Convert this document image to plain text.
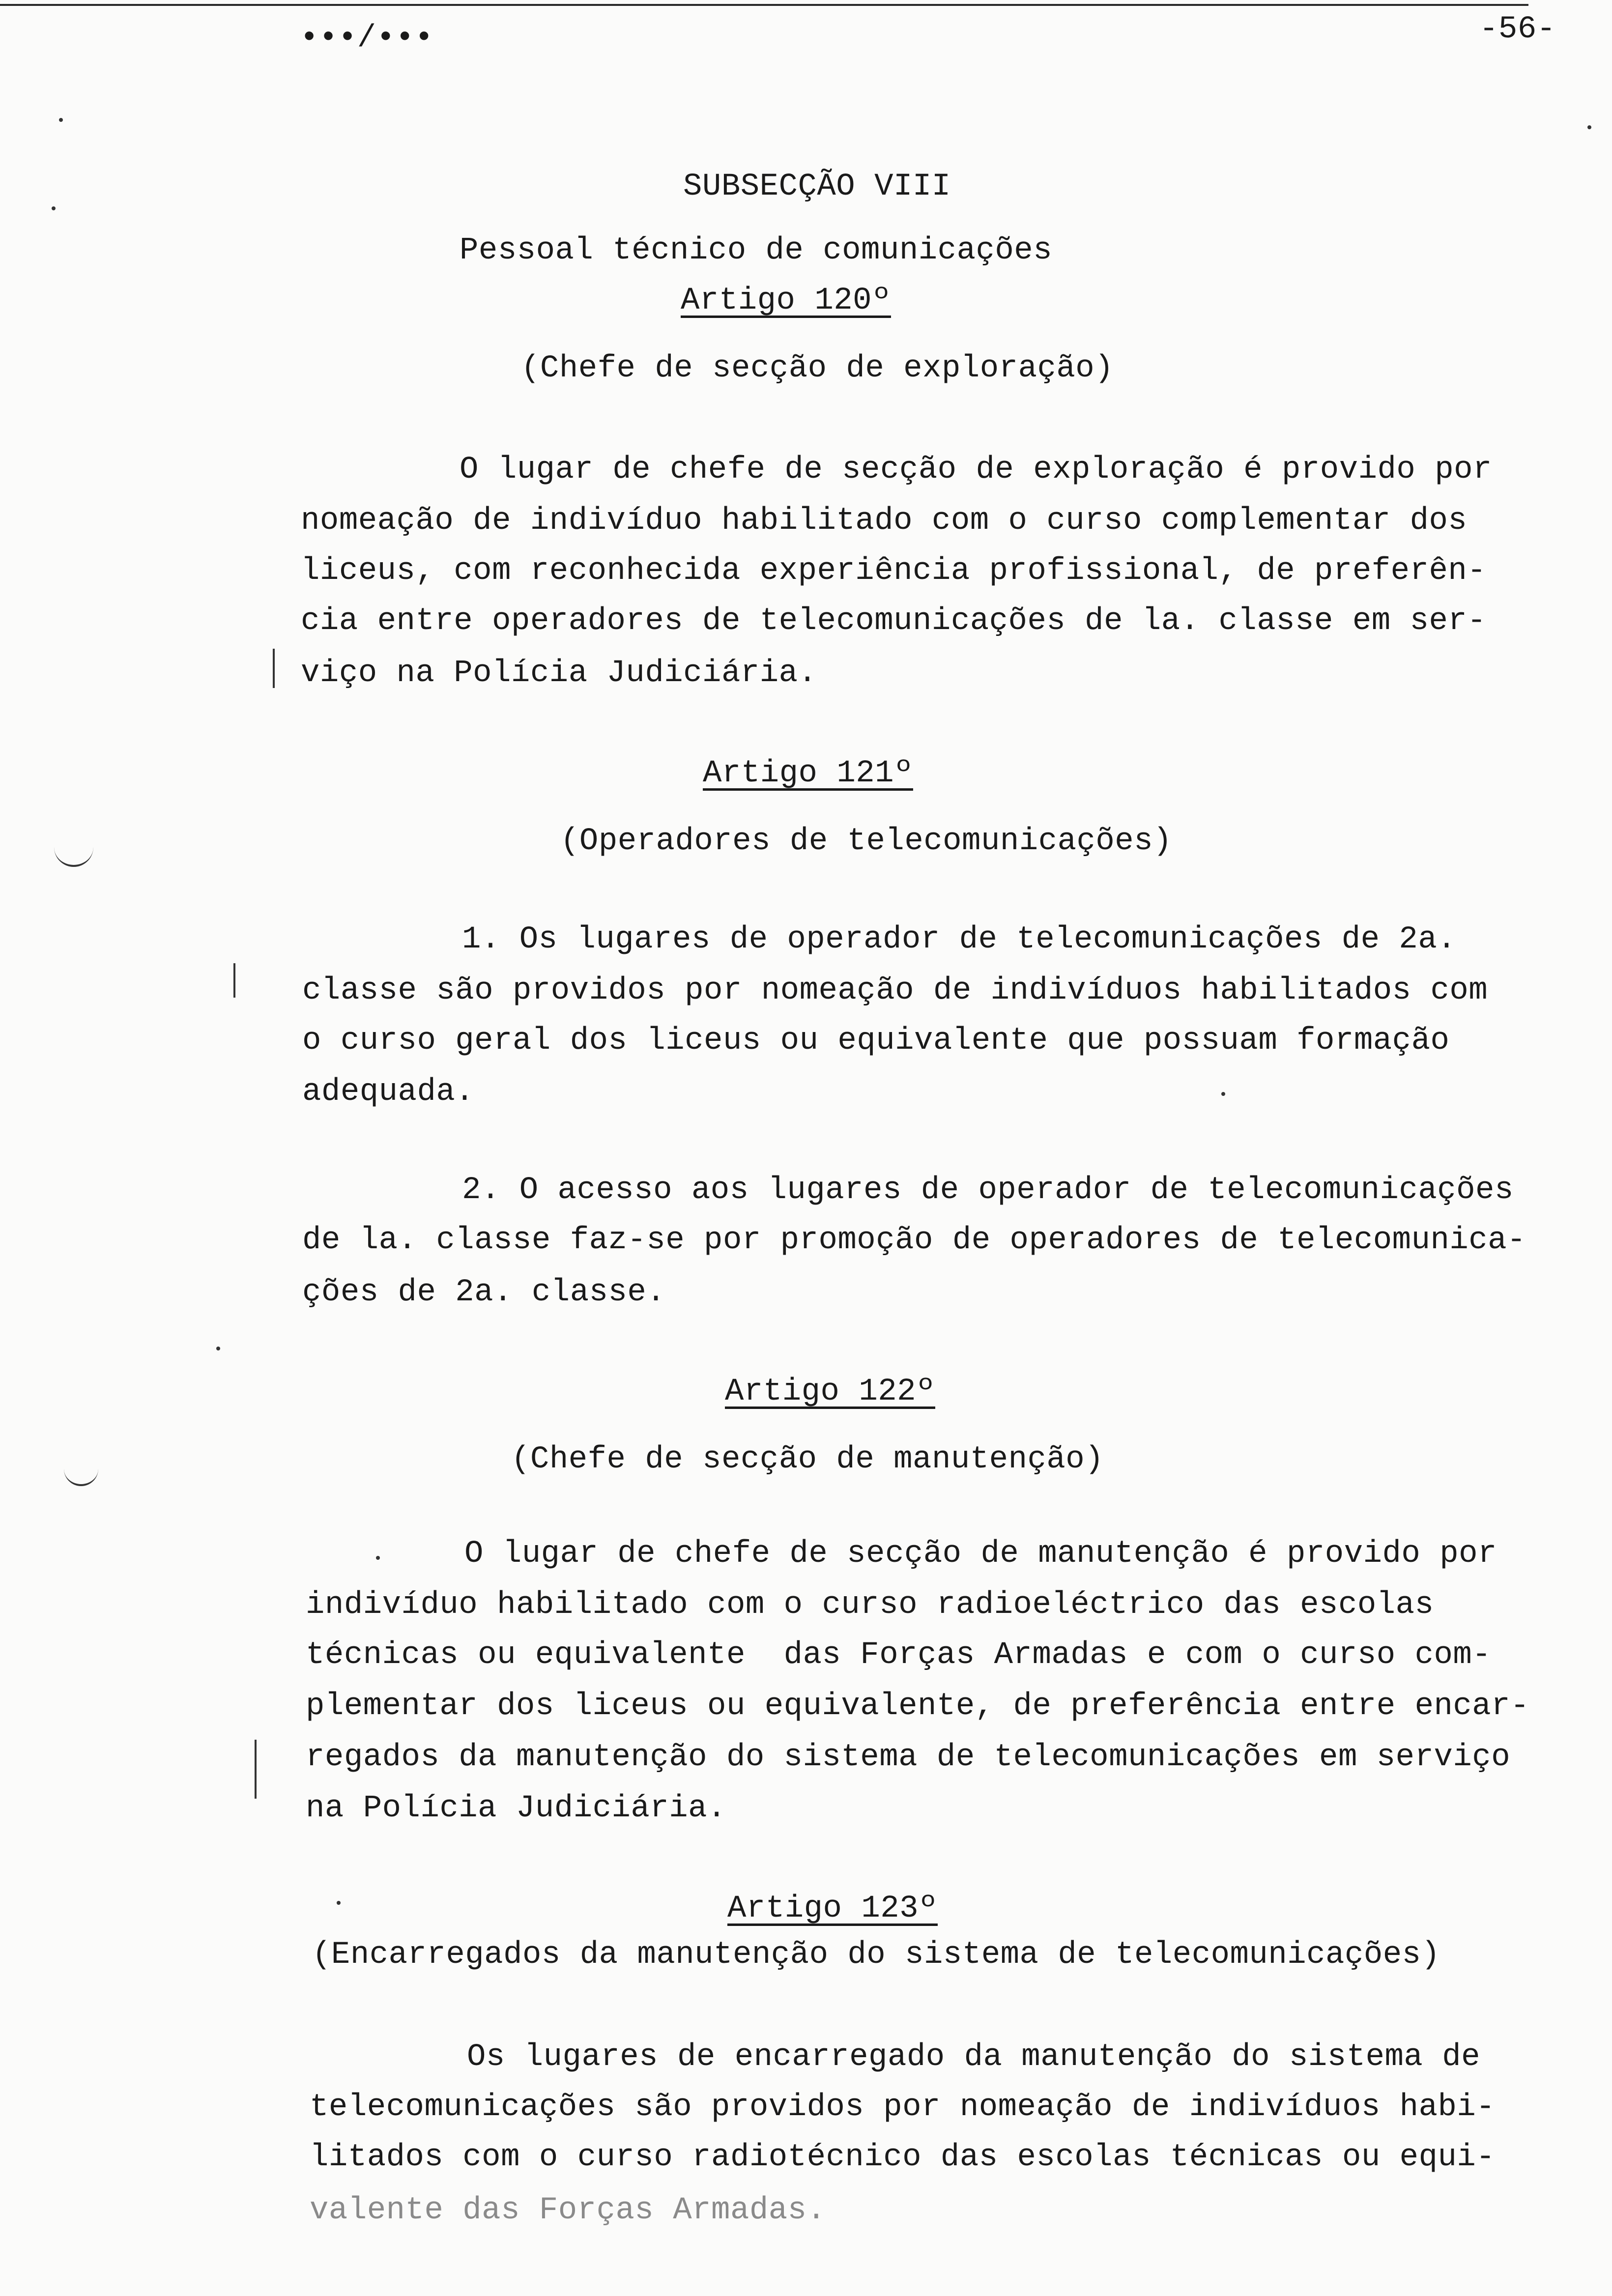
•••/•••	-56-
SUBSECÇÃO VIII
Pessoal técnico de comunicações
Artigo 120º
(Chefe de secção de exploração)
O lugar de chefe de secção de exploração é provido por
nomeação de indivíduo habilitado com o curso complementar dos
liceus, com reconhecida experiência profissional, de preferên-
cia entre operadores de telecomunicações de la. classe em ser-
viço na Polícia Judiciária.
Artigo 121º
(Operadores de telecomunicações)
1. Os lugares de operador de telecomunicações de 2a.
classe são providos por nomeação de indivíduos habilitados com
o curso geral dos liceus ou equivalente que possuam formação
adequada.
2. O acesso aos lugares de operador de telecomunicações
de la. classe faz-se por promoção de operadores de telecomunica-
ções de 2a. classe.
Artigo 122º
(Chefe de secção de manutenção)
O lugar de chefe de secção de manutenção é provido por
indivíduo habilitado com o curso radioeléctrico das escolas
técnicas ou equivalente  das Forças Armadas e com o curso com-
plementar dos liceus ou equivalente, de preferência entre encar-
regados da manutenção do sistema de telecomunicações em serviço
na Polícia Judiciária.
Artigo 123º
(Encarregados da manutenção do sistema de telecomunicações)
Os lugares de encarregado da manutenção do sistema de
telecomunicações são providos por nomeação de indivíduos habi-
litados com o curso radiotécnico das escolas técnicas ou equi-
valente das Forças Armadas.
